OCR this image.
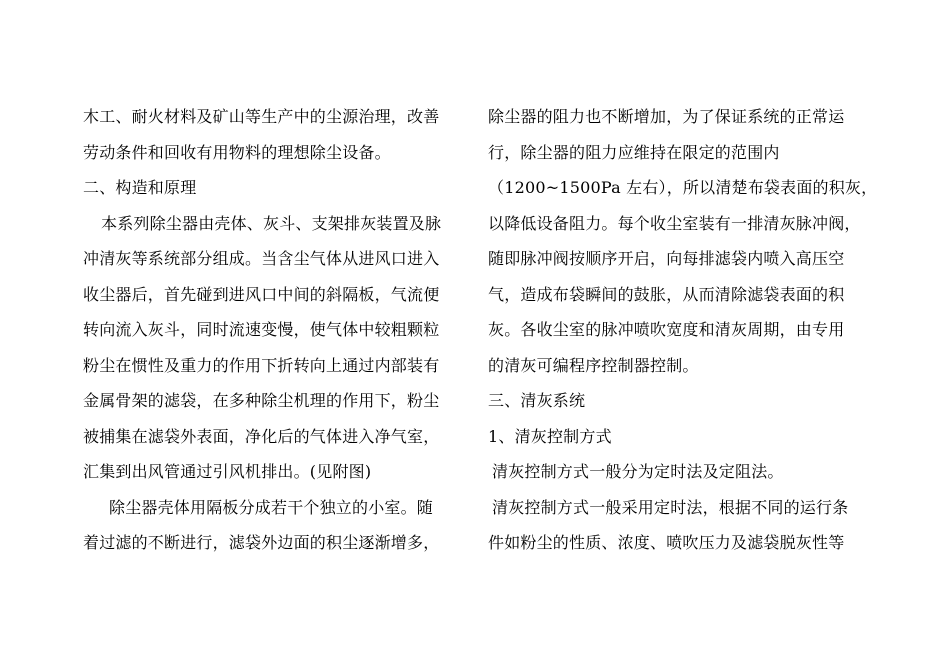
木工、耐火材料及矿山等生产中的尘源治理，改善
劳动条件和回收有用物料的理想除尘设备。
二、构造和原理
本系列除尘器由壳体、灰斗、支架排灰装置及脉
冲清灰等系统部分组成。当含尘气体从进风口进入
收尘器后，首先碰到进风口中间的斜隔板，气流便
转向流入灰斗，同时流速变慢，使气体中较粗颗粒
粉尘在惯性及重力的作用下折转向上通过内部装有
金属骨架的滤袋，在多种除尘机理的作用下，粉尘
被捕集在滤袋外表面，净化后的气体进入净气室，
汇集到出风管通过引风机排出。(见附图)
除尘器壳体用隔板分成若干个独立的小室。随
着过滤的不断进行，滤袋外边面的积尘逐渐增多，
除尘器的阻力也不断增加，为了保证系统的正常运
行，除尘器的阻力应维持在限定的范围内
（1200~1500Pa 左右），所以清楚布袋表面的积灰，
以降低设备阻力。每个收尘室装有一排清灰脉冲阀，
随即脉冲阀按顺序开启，向每排滤袋内喷入高压空
气，造成布袋瞬间的鼓胀，从而清除滤袋表面的积
灰。各收尘室的脉冲喷吹宽度和清灰周期，由专用
的清灰可编程序控制器控制。
三、清灰系统
1、清灰控制方式
清灰控制方式一般分为定时法及定阻法。
清灰控制方式一般采用定时法，根据不同的运行条
件如粉尘的性质、浓度、喷吹压力及滤袋脱灰性等
